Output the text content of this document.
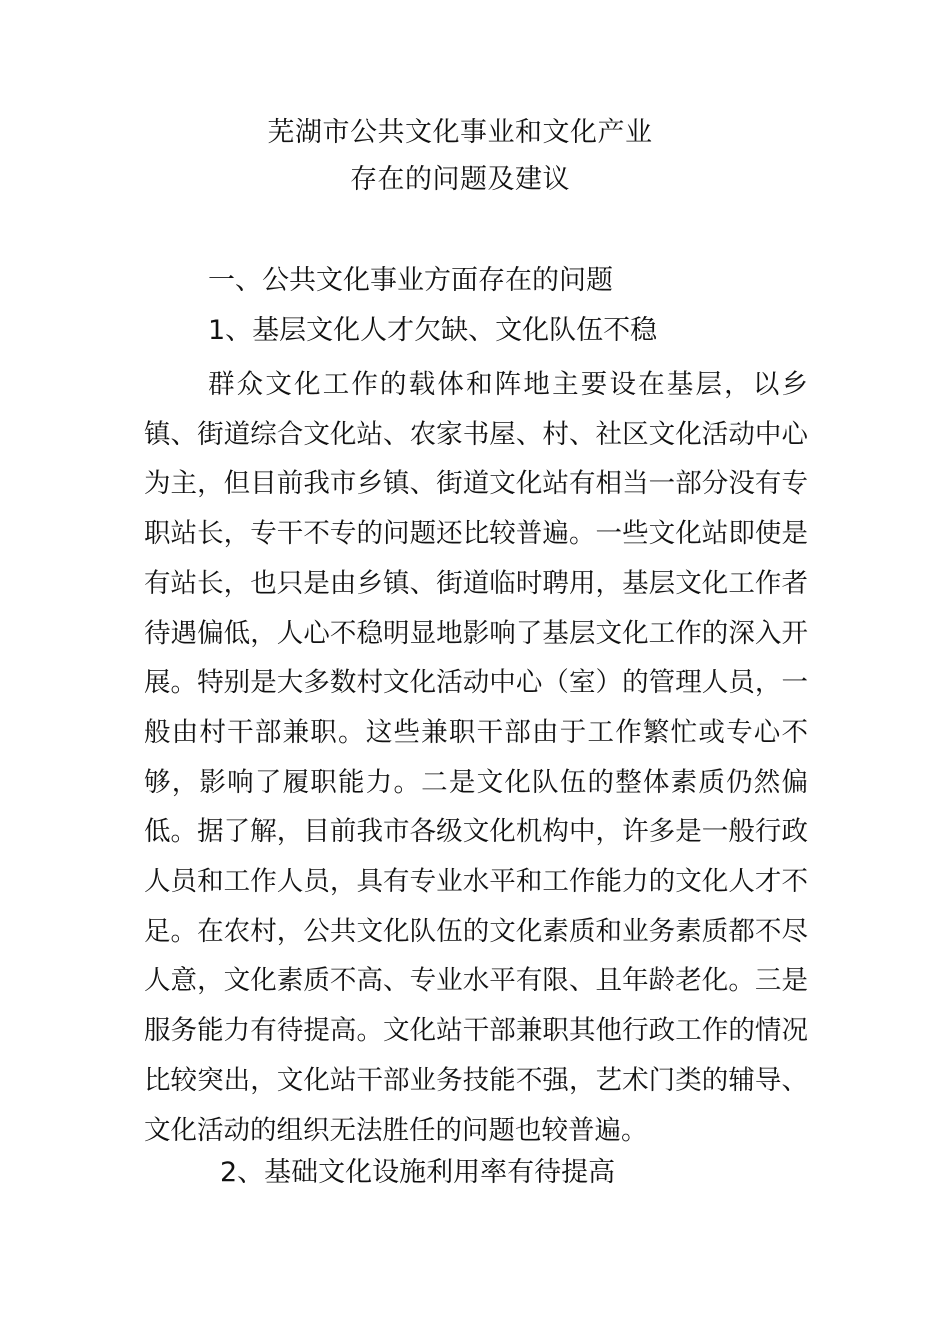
芜湖市公共文化事业和文化产业
存在的问题及建议
一、公共文化事业方面存在的问题
1、基层文化人才欠缺、文化队伍不稳

群众文化工作的载体和阵地主要设在基层，以乡镇、街道综合文化站、农家书屋、村、社区文化活动中心为主，但目前我市乡镇、街道文化站有相当一部分没有专职站长，专干不专的问题还比较普遍。一些文化站即使是有站长，也只是由乡镇、街道临时聘用，基层文化工作者待遇偏低，人心不稳明显地影响了基层文化工作的深入开展。特别是大多数村文化活动中心（室）的管理人员，一般由村干部兼职。这些兼职干部由于工作繁忙或专心不够，影响了履职能力。二是文化队伍的整体素质仍然偏低。据了解，目前我市各级文化机构中，许多是一般行政人员和工作人员，具有专业水平和工作能力的文化人才不足。在农村，公共文化队伍的文化素质和业务素质都不尽人意，文化素质不高、专业水平有限、且年龄老化。三是服务能力有待提高。文化站干部兼职其他行政工作的情况比较突出，文化站干部业务技能不强，艺术门类的辅导、文化活动的组织无法胜任的问题也较普遍。

2、基础文化设施利用率有待提高
